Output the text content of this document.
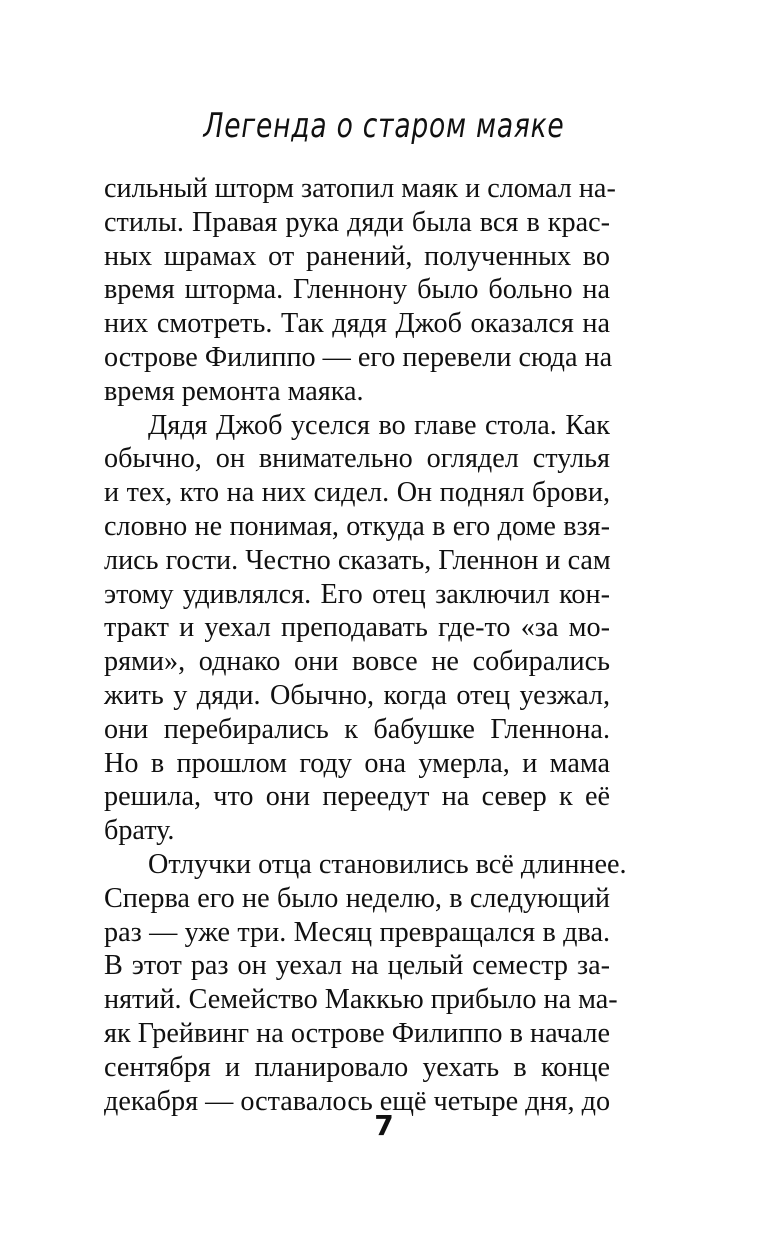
Легенда о старом маяке
сильный шторм затопил маяк и сломал на-
стилы. Правая рука дяди была вся в крас-
ных шрамах от ранений, полученных во
время шторма. Гленнону было больно на
них смотреть. Так дядя Джоб оказался на
острове Филиппо — его перевели сюда на
время ремонта маяка.
Дядя Джоб уселся во главе стола. Как
обычно, он внимательно оглядел стулья
и тех, кто на них сидел. Он поднял брови,
словно не понимая, откуда в его доме взя-
лись гости. Честно сказать, Гленнон и сам
этому удивлялся. Его отец заключил кон-
тракт и уехал преподавать где-то «за мо-
рями», однако они вовсе не собирались
жить у дяди. Обычно, когда отец уезжал,
они перебирались к бабушке Гленнона.
Но в прошлом году она умерла, и мама
решила, что они переедут на север к её
брату.
Отлучки отца становились всё длиннее.
Сперва его не было неделю, в следующий
раз — уже три. Месяц превращался в два.
В этот раз он уехал на целый семестр за-
нятий. Семейство Маккью прибыло на ма-
як Грейвинг на острове Филиппо в начале
сентября и планировало уехать в конце
декабря — оставалось ещё четыре дня, до
7
